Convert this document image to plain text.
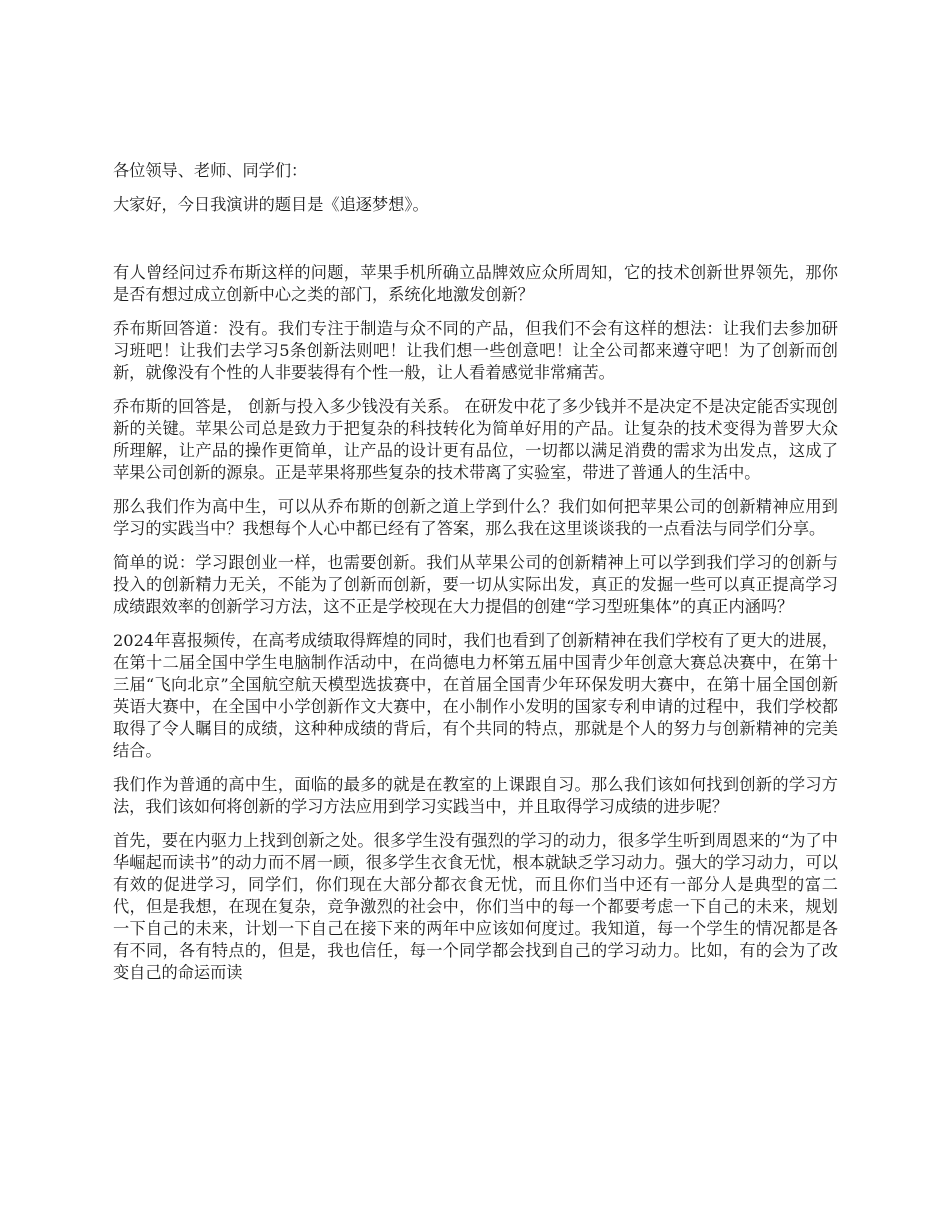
各位领导、老师、同学们：

大家好，今日我演讲的题目是《追逐梦想》。

有人曾经问过乔布斯这样的问题，苹果手机所确立品牌效应众所周知，它的技术创新世界领先，那你是否有想过成立创新中心之类的部门，系统化地激发创新？

乔布斯回答道：没有。我们专注于制造与众不同的产品，但我们不会有这样的想法：让我们去参加研习班吧！让我们去学习5条创新法则吧！让我们想一些创意吧！让全公司都来遵守吧！为了创新而创新，就像没有个性的人非要装得有个性一般，让人看着感觉非常痛苦。

乔布斯的回答是， 创新与投入多少钱没有关系。 在研发中花了多少钱并不是决定不是决定能否实现创新的关键。苹果公司总是致力于把复杂的科技转化为简单好用的产品。让复杂的技术变得为普罗大众所理解，让产品的操作更简单，让产品的设计更有品位，一切都以满足消费的需求为出发点，这成了苹果公司创新的源泉。正是苹果将那些复杂的技术带离了实验室，带进了普通人的生活中。

那么我们作为高中生，可以从乔布斯的创新之道上学到什么？我们如何把苹果公司的创新精神应用到学习的实践当中？我想每个人心中都已经有了答案，那么我在这里谈谈我的一点看法与同学们分享。

简单的说：学习跟创业一样，也需要创新。我们从苹果公司的创新精神上可以学到我们学习的创新与投入的创新精力无关，不能为了创新而创新，要一切从实际出发，真正的发掘一些可以真正提高学习成绩跟效率的创新学习方法，这不正是学校现在大力提倡的创建“学习型班集体”的真正内涵吗？

2024年喜报频传，在高考成绩取得辉煌的同时，我们也看到了创新精神在我们学校有了更大的进展，在第十二届全国中学生电脑制作活动中，在尚德电力杯第五届中国青少年创意大赛总决赛中，在第十三届“飞向北京”全国航空航天模型选拔赛中，在首届全国青少年环保发明大赛中，在第十届全国创新英语大赛中，在全国中小学创新作文大赛中，在小制作小发明的国家专利申请的过程中，我们学校都取得了令人瞩目的成绩，这种种成绩的背后，有个共同的特点，那就是个人的努力与创新精神的完美结合。

我们作为普通的高中生，面临的最多的就是在教室的上课跟自习。那么我们该如何找到创新的学习方法，我们该如何将创新的学习方法应用到学习实践当中，并且取得学习成绩的进步呢？

首先，要在内驱力上找到创新之处。很多学生没有强烈的学习的动力，很多学生听到周恩来的“为了中华崛起而读书”的动力而不屑一顾，很多学生衣食无忧，根本就缺乏学习动力。强大的学习动力，可以有效的促进学习，同学们，你们现在大部分都衣食无忧，而且你们当中还有一部分人是典型的富二代，但是我想，在现在复杂，竞争激烈的社会中，你们当中的每一个都要考虑一下自己的未来，规划一下自己的未来，计划一下自己在接下来的两年中应该如何度过。我知道，每一个学生的情况都是各有不同，各有特点的，但是，我也信任，每一个同学都会找到自己的学习动力。比如，有的会为了改变自己的命运而读
